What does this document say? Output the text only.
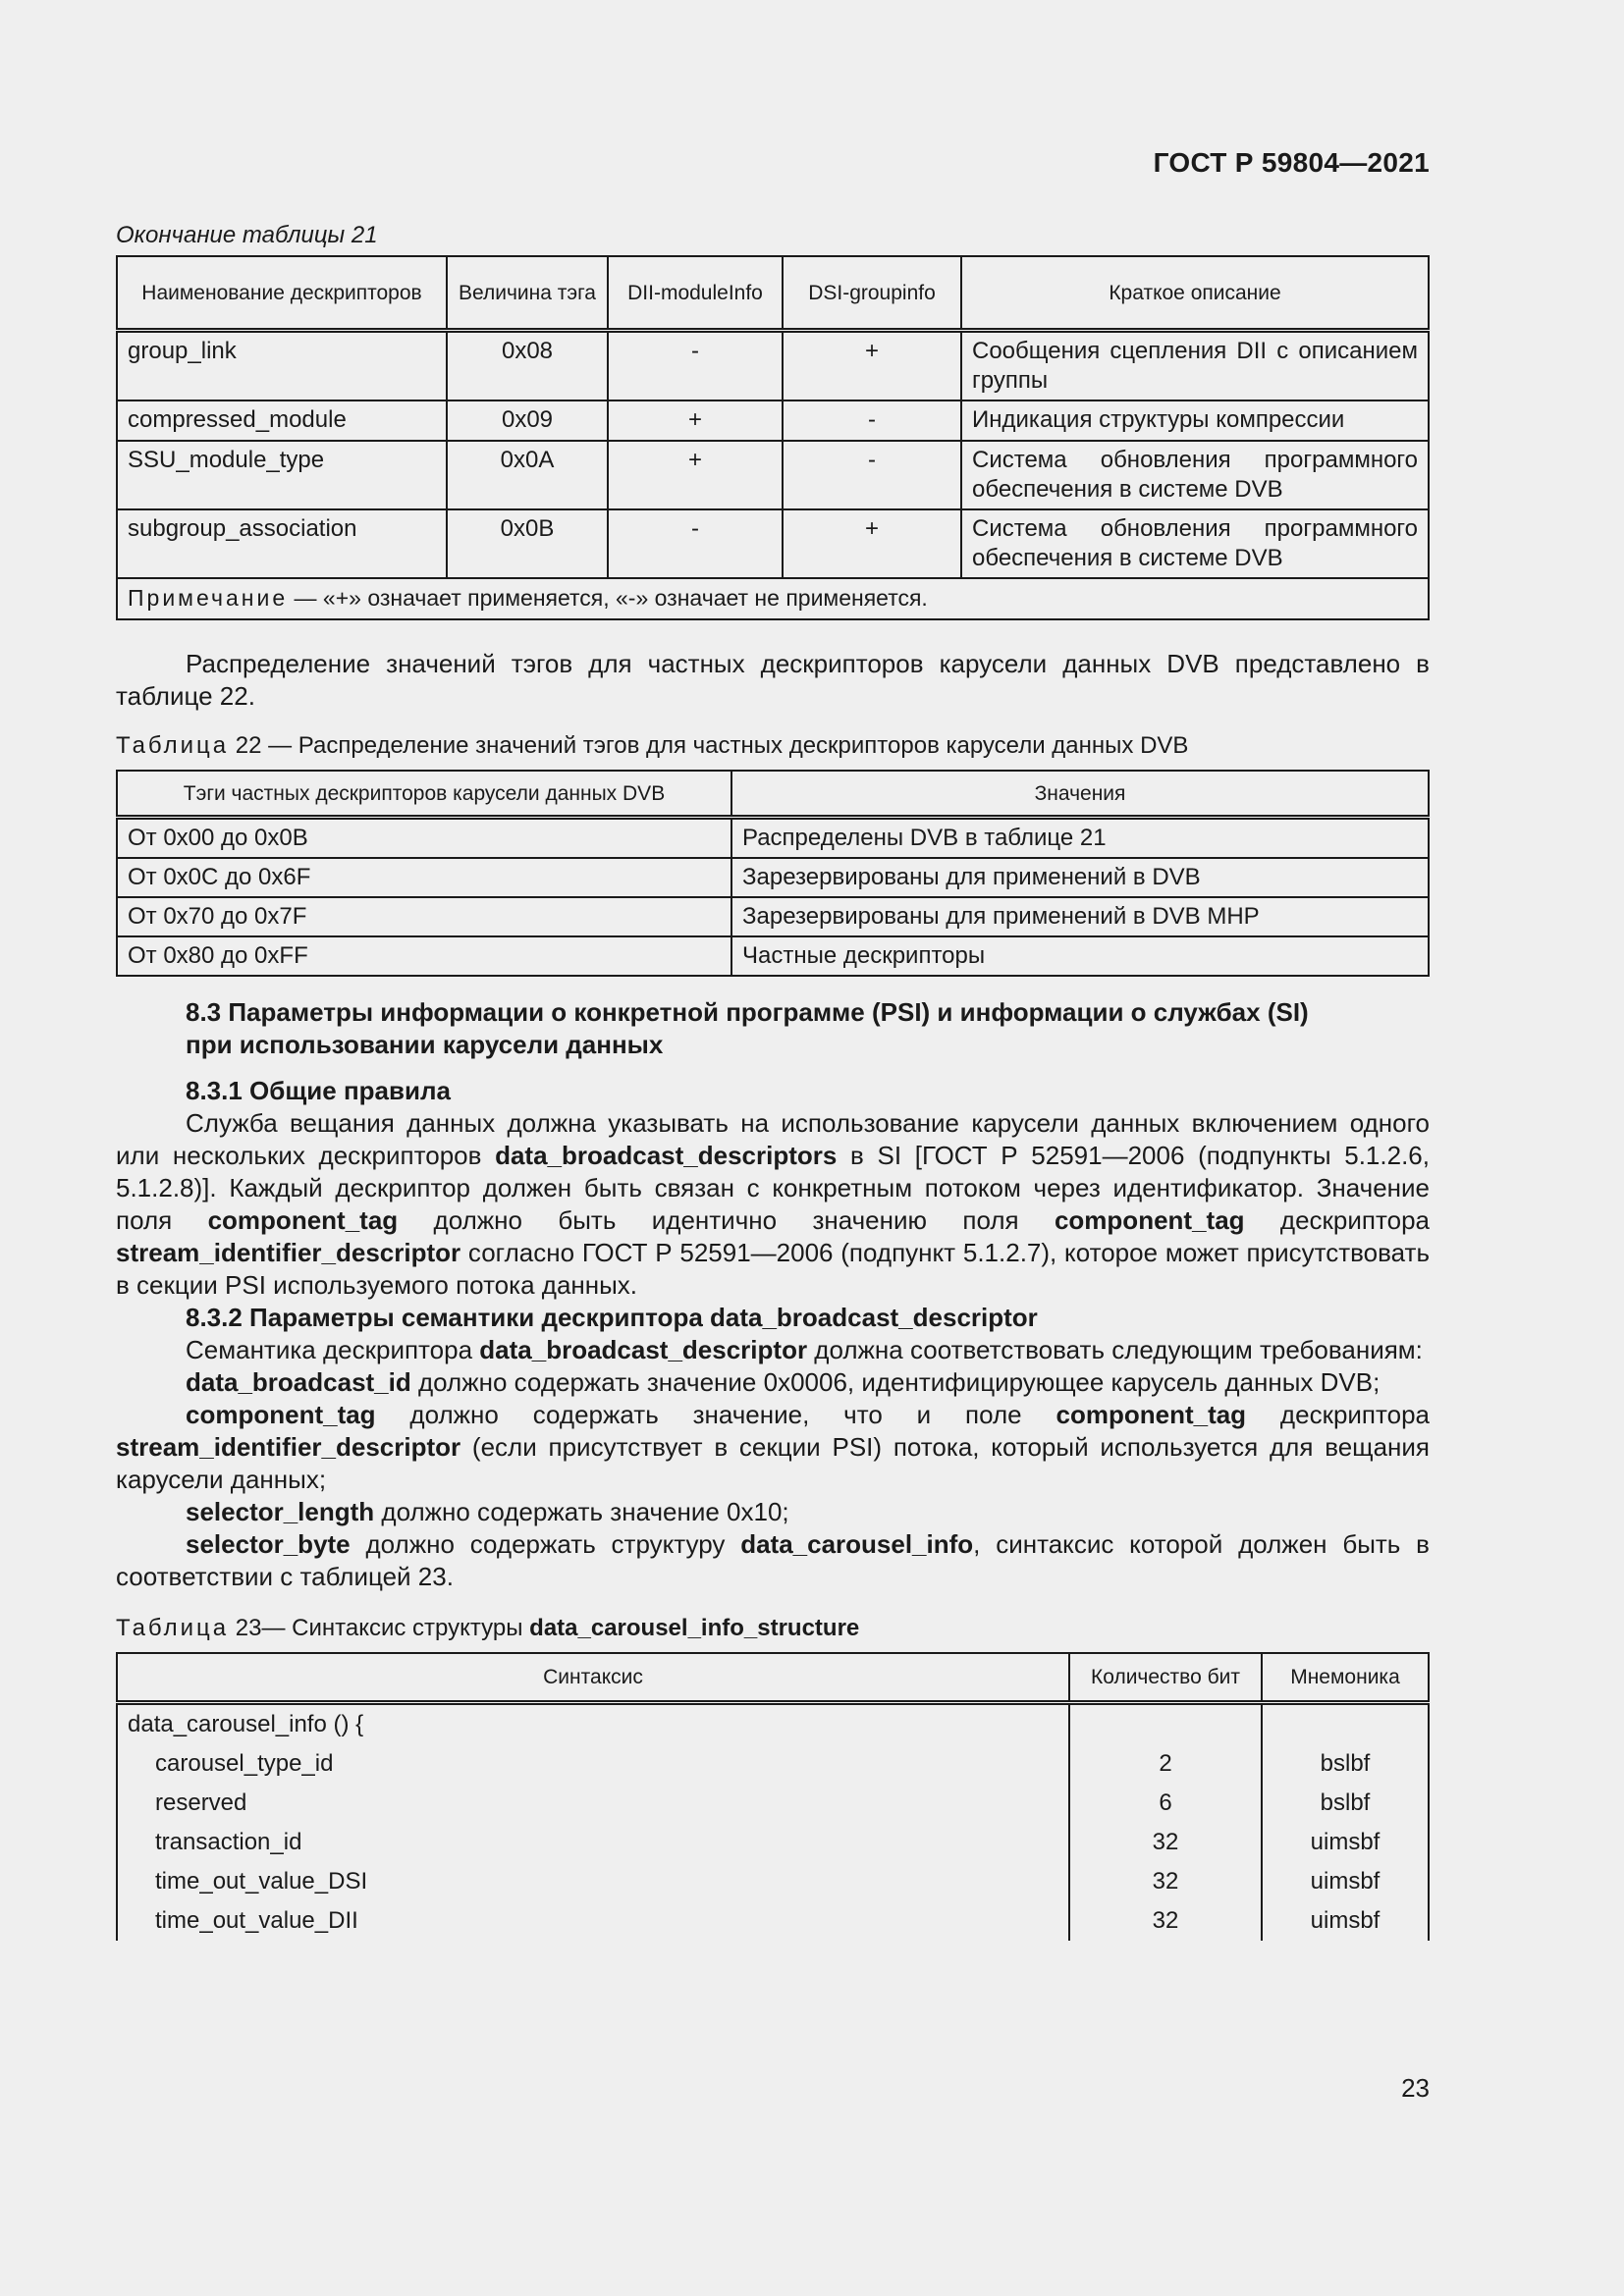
ГОСТ Р 59804—2021

Окончание таблицы 21

Наименование дескрипторов	Величина тэга	DII-moduleInfo	DSI-groupinfo	Краткое описание
group_link	0x08	-	+	Сообщения сцепления DII с описанием группы
compressed_module	0x09	+	-	Индикация структуры компрессии
SSU_module_type	0x0A	+	-	Система обновления программного обеспечения в системе DVB
subgroup_association	0x0B	-	+	Система обновления программного обеспечения в системе DVB
Примечание — «+» означает применяется, «-» означает не применяется.				

Распределение значений тэгов для частных дескрипторов карусели данных DVB представлено в таблице 22.

Таблица 22 — Распределение значений тэгов для частных дескрипторов карусели данных DVB

Тэги частных дескрипторов карусели данных DVB	Значения
От 0x00 до 0x0B	Распределены DVB в таблице 21
От 0x0C до 0x6F	Зарезервированы для применений в DVB
От 0x70 до 0x7F	Зарезервированы для применений в DVB MHP
От 0x80 до 0xFF	Частные дескрипторы

8.3 Параметры информации о конкретной программе (PSI) и информации о службах (SI)

при использовании карусели данных

8.3.1 Общие правила

Служба вещания данных должна указывать на использование карусели данных включением одного или нескольких дескрипторов data_broadcast_descriptors в SI [ГОСТ Р 52591—2006 (подпункты 5.1.2.6, 5.1.2.8)]. Каждый дескриптор должен быть связан с конкретным потоком через идентификатор. Значение поля component_tag должно быть идентично значению поля component_tag дескриптора stream_identifier_descriptor согласно ГОСТ Р 52591—2006 (подпункт 5.1.2.7), которое может присутствовать в секции PSI используемого потока данных.

8.3.2 Параметры семантики дескриптора data_broadcast_descriptor

Семантика дескриптора data_broadcast_descriptor должна соответствовать следующим требованиям:

data_broadcast_id должно содержать значение 0x0006, идентифицирующее карусель данных DVB;

component_tag должно содержать значение, что и поле component_tag дескриптора stream_identifier_descriptor (если присутствует в секции PSI) потока, который используется для вещания карусели данных;

selector_length должно содержать значение 0x10;

selector_byte должно содержать структуру data_carousel_info, синтаксис которой должен быть в соответствии с таблицей 23.

Таблица 23— Синтаксис структуры data_carousel_info_structure

Синтаксис	Количество бит	Мнемоника
data_carousel_info () {		
carousel_type_id	2	bslbf
reserved	6	bslbf
transaction_id	32	uimsbf
time_out_value_DSI	32	uimsbf
time_out_value_DII	32	uimsbf
23
